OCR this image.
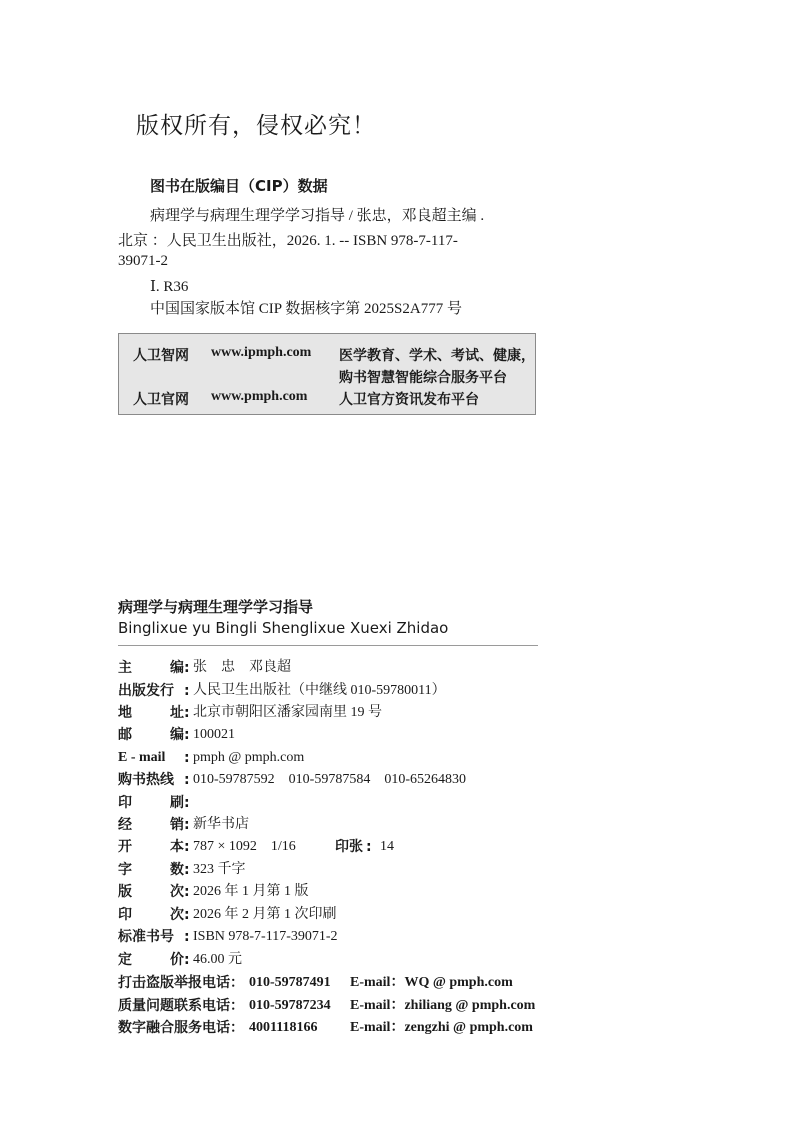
版权所有，侵权必究！
图书在版编目（CIP）数据
病理学与病理生理学学习指导 / 张忠，邓良超主编 .
北京 ：人民卫生出版社，2026. 1. -- ISBN 978-7-117-
39071-2
Ⅰ. R36
中国国家版本馆 CIP 数据核字第 2025S2A777 号
人卫智网 www.ipmph.com 医学教育、学术、考试、健康，
购书智慧智能综合服务平台
人卫官网 www.pmph.com 人卫官方资讯发布平台
病理学与病理生理学学习指导
Binglixue yu Bingli Shenglixue Xuexi Zhidao
主	编 : 张　忠　邓良超
出版发行 : 人民卫生出版社（中继线 010-59780011）
地	址 : 北京市朝阳区潘家园南里 19 号
邮	编 : 100021
E - mail	: pmph @ pmph.com
购书热线 : 010-59787592　010-59787584　010-65264830
印	刷 :
经	销 : 新华书店
开	本 : 787 × 1092　1/16	印张 : 14
字	数 : 323 千字
版	次 : 2026 年 1 月第 1 版
印	次 : 2026 年 2 月第 1 次印刷
标准书号 : ISBN 978-7-117-39071-2
定	价 : 46.00 元
打击盗版举报电话： 010-59787491 E-mail：WQ @ pmph.com
质量问题联系电话： 010-59787234 E-mail：zhiliang @ pmph.com
数字融合服务电话： 4001118166 E-mail：zengzhi @ pmph.com
